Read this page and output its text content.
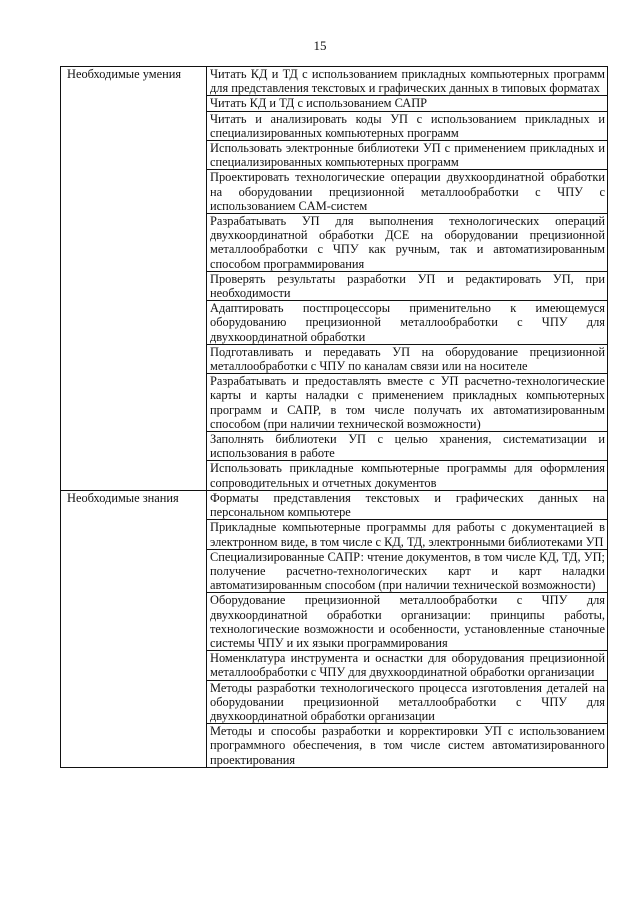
15
Необходимые умения	Читать КД и ТД с использованием прикладных компьютерных программ для представления текстовых и графических данных в типовых форматах
	Читать КД и ТД с использованием САПР
	Читать и анализировать коды УП с использованием прикладных и специализированных компьютерных программ
	Использовать электронные библиотеки УП с применением прикладных и специализированных компьютерных программ
	Проектировать технологические операции двухкоординатной обработки на оборудовании прецизионной металлообработки с ЧПУ с использованием CAM-систем
	Разрабатывать УП для выполнения технологических операций двухкоординатной обработки ДСЕ на оборудовании прецизионной металлообработки с ЧПУ как ручным, так и автоматизированным способом программирования
	Проверять результаты разработки УП и редактировать УП, при необходимости
	Адаптировать постпроцессоры применительно к имеющемуся оборудованию прецизионной металлообработки с ЧПУ для двухкоординатной обработки
	Подготавливать и передавать УП на оборудование прецизионной металлообработки с ЧПУ по каналам связи или на носителе
	Разрабатывать и предоставлять вместе с УП расчетно-технологические карты и карты наладки с применением прикладных компьютерных программ и САПР, в том числе получать их автоматизированным способом (при наличии технической возможности)
	Заполнять библиотеки УП с целью хранения, систематизации и использования в работе
	Использовать прикладные компьютерные программы для оформления сопроводительных и отчетных документов
Необходимые знания	Форматы представления текстовых и графических данных на персональном компьютере
	Прикладные компьютерные программы для работы с документацией в электронном виде, в том числе с КД, ТД, электронными библиотеками УП
	Специализированные САПР: чтение документов, в том числе КД, ТД, УП; получение расчетно-технологических карт и карт наладки автоматизированным способом (при наличии технической возможности)
	Оборудование прецизионной металлообработки с ЧПУ для двухкоординатной обработки организации: принципы работы, технологические возможности и особенности, установленные станочные системы ЧПУ и их языки программирования
	Номенклатура инструмента и оснастки для оборудования прецизионной металлообработки с ЧПУ для двухкоординатной обработки организации
	Методы разработки технологического процесса изготовления деталей на оборудовании прецизионной металлообработки с ЧПУ для двухкоординатной обработки организации
	Методы и способы разработки и корректировки УП с использованием программного обеспечения, в том числе систем автоматизированного проектирования
